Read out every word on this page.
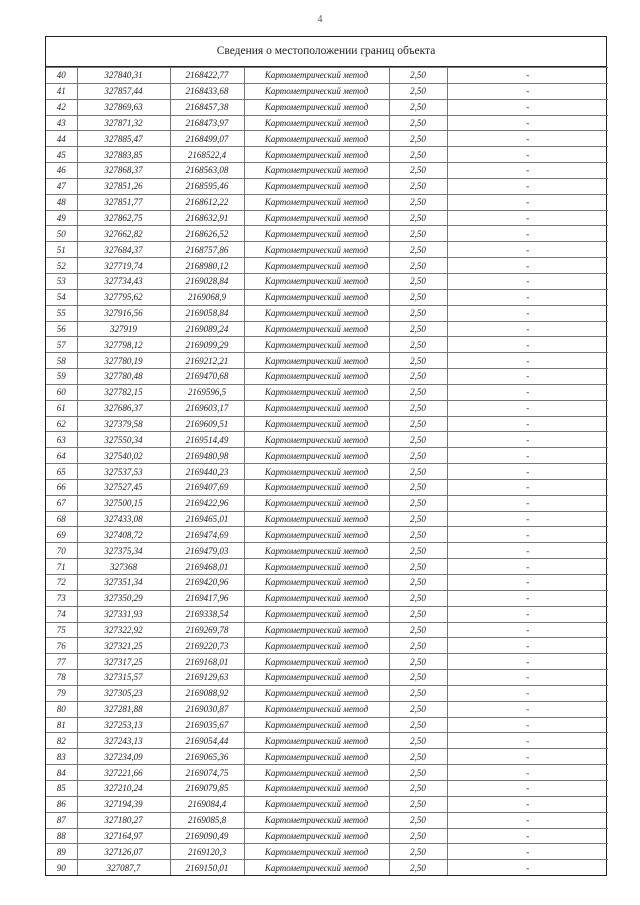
4
Сведения о местоположении границ объекта
40	327840,31	2168422,77	Картометрический метод	2,50	-
41	327857,44	2168433,68	Картометрический метод	2,50	-
42	327869,63	2168457,38	Картометрический метод	2,50	-
43	327871,32	2168473,97	Картометрический метод	2,50	-
44	327885,47	2168499,07	Картометрический метод	2,50	-
45	327883,85	2168522,4	Картометрический метод	2,50	-
46	327868,37	2168563,08	Картометрический метод	2,50	-
47	327851,26	2168595,46	Картометрический метод	2,50	-
48	327851,77	2168612,22	Картометрический метод	2,50	-
49	327862,75	2168632,91	Картометрический метод	2,50	-
50	327662,82	2168626,52	Картометрический метод	2,50	-
51	327684,37	2168757,86	Картометрический метод	2,50	-
52	327719,74	2168980,12	Картометрический метод	2,50	-
53	327734,43	2169028,84	Картометрический метод	2,50	-
54	327795,62	2169068,9	Картометрический метод	2,50	-
55	327916,56	2169058,84	Картометрический метод	2,50	-
56	327919	2169089,24	Картометрический метод	2,50	-
57	327798,12	2169099,29	Картометрический метод	2,50	-
58	327780,19	2169212,21	Картометрический метод	2,50	-
59	327780,48	2169470,68	Картометрический метод	2,50	-
60	327782,15	2169596,5	Картометрический метод	2,50	-
61	327686,37	2169603,17	Картометрический метод	2,50	-
62	327379,58	2169609,51	Картометрический метод	2,50	-
63	327550,34	2169514,49	Картометрический метод	2,50	-
64	327540,02	2169480,98	Картометрический метод	2,50	-
65	327537,53	2169440,23	Картометрический метод	2,50	-
66	327527,45	2169407,69	Картометрический метод	2,50	-
67	327500,15	2169422,96	Картометрический метод	2,50	-
68	327433,08	2169465,01	Картометрический метод	2,50	-
69	327408,72	2169474,69	Картометрический метод	2,50	-
70	327375,34	2169479,03	Картометрический метод	2,50	-
71	327368	2169468,01	Картометрический метод	2,50	-
72	327351,34	2169420,96	Картометрический метод	2,50	-
73	327350,29	2169417,96	Картометрический метод	2,50	-
74	327331,93	2169338,54	Картометрический метод	2,50	-
75	327322,92	2169269,78	Картометрический метод	2,50	-
76	327321,25	2169220,73	Картометрический метод	2,50	-
77	327317,25	2169168,01	Картометрический метод	2,50	-
78	327315,57	2169129,63	Картометрический метод	2,50	-
79	327305,23	2169088,92	Картометрический метод	2,50	-
80	327281,88	2169030,87	Картометрический метод	2,50	-
81	327253,13	2169035,67	Картометрический метод	2,50	-
82	327243,13	2169054,44	Картометрический метод	2,50	-
83	327234,09	2169065,36	Картометрический метод	2,50	-
84	327221,66	2169074,75	Картометрический метод	2,50	-
85	327210,24	2169079,85	Картометрический метод	2,50	-
86	327194,39	2169084,4	Картометрический метод	2,50	-
87	327180,27	2169085,8	Картометрический метод	2,50	-
88	327164,97	2169090,49	Картометрический метод	2,50	-
89	327126,07	2169120,3	Картометрический метод	2,50	-
90	327087,7	2169150,01	Картометрический метод	2,50	-
